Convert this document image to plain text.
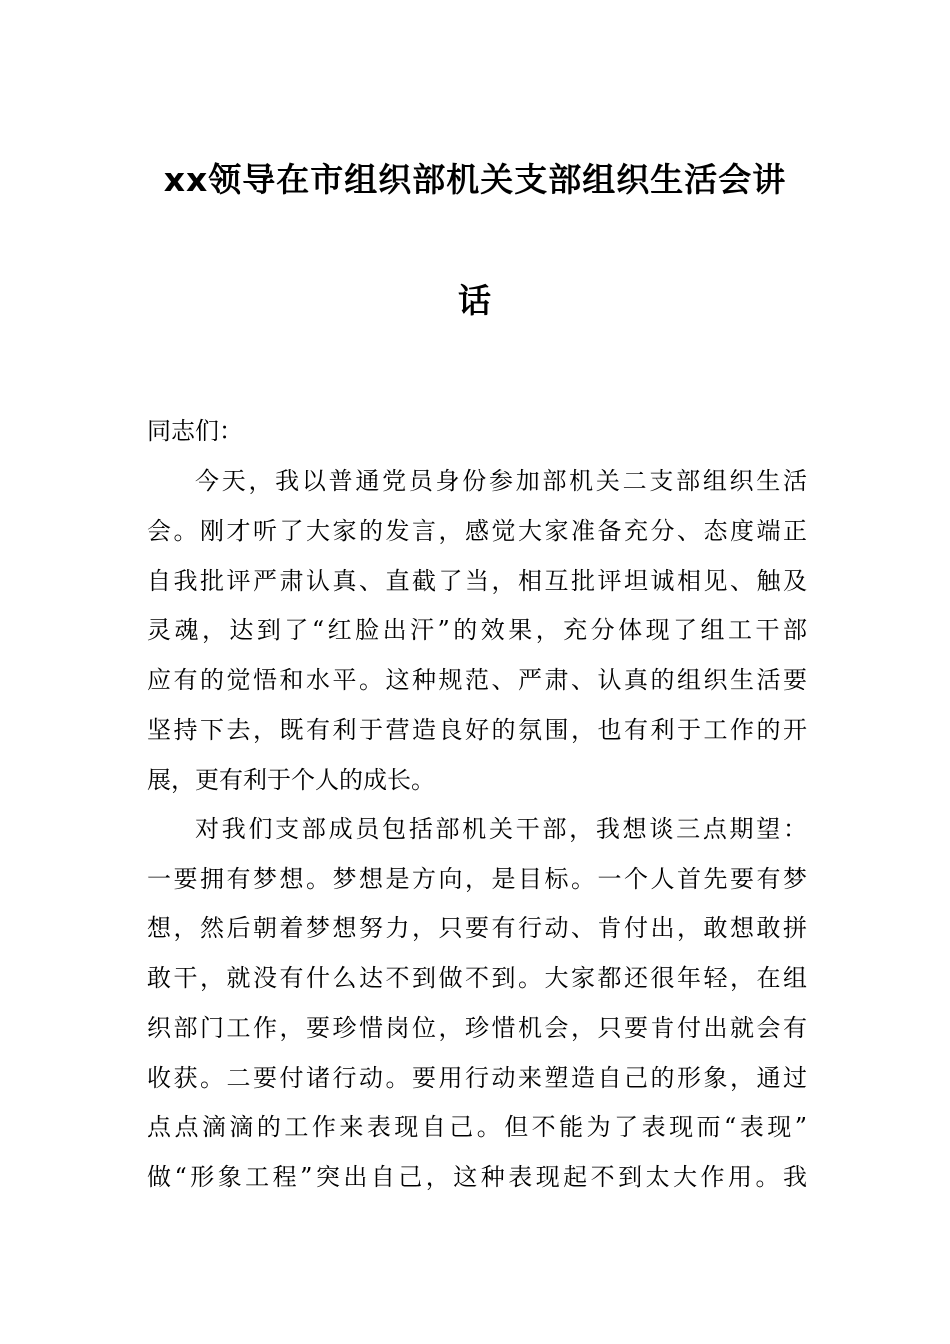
xx领导在市组织部机关支部组织生活会讲
话

同志们：

今天，我以普通党员身份参加部机关二支部组织生活

会。刚才听了大家的发言，感觉大家准备充分、态度端正

自我批评严肃认真、直截了当，相互批评坦诚相见、触及

灵魂，达到了“红脸出汗”的效果，充分体现了组工干部

应有的觉悟和水平。这种规范、严肃、认真的组织生活要

坚持下去，既有利于营造良好的氛围，也有利于工作的开

展，更有利于个人的成长。

对我们支部成员包括部机关干部，我想谈三点期望：

一要拥有梦想。梦想是方向，是目标。一个人首先要有梦

想，然后朝着梦想努力，只要有行动、肯付出，敢想敢拼

敢干，就没有什么达不到做不到。大家都还很年轻，在组

织部门工作，要珍惜岗位，珍惜机会，只要肯付出就会有

收获。二要付诸行动。要用行动来塑造自己的形象，通过

点点滴滴的工作来表现自己。但不能为了表现而“表现”

做“形象工程”突出自己，这种表现起不到太大作用。我
